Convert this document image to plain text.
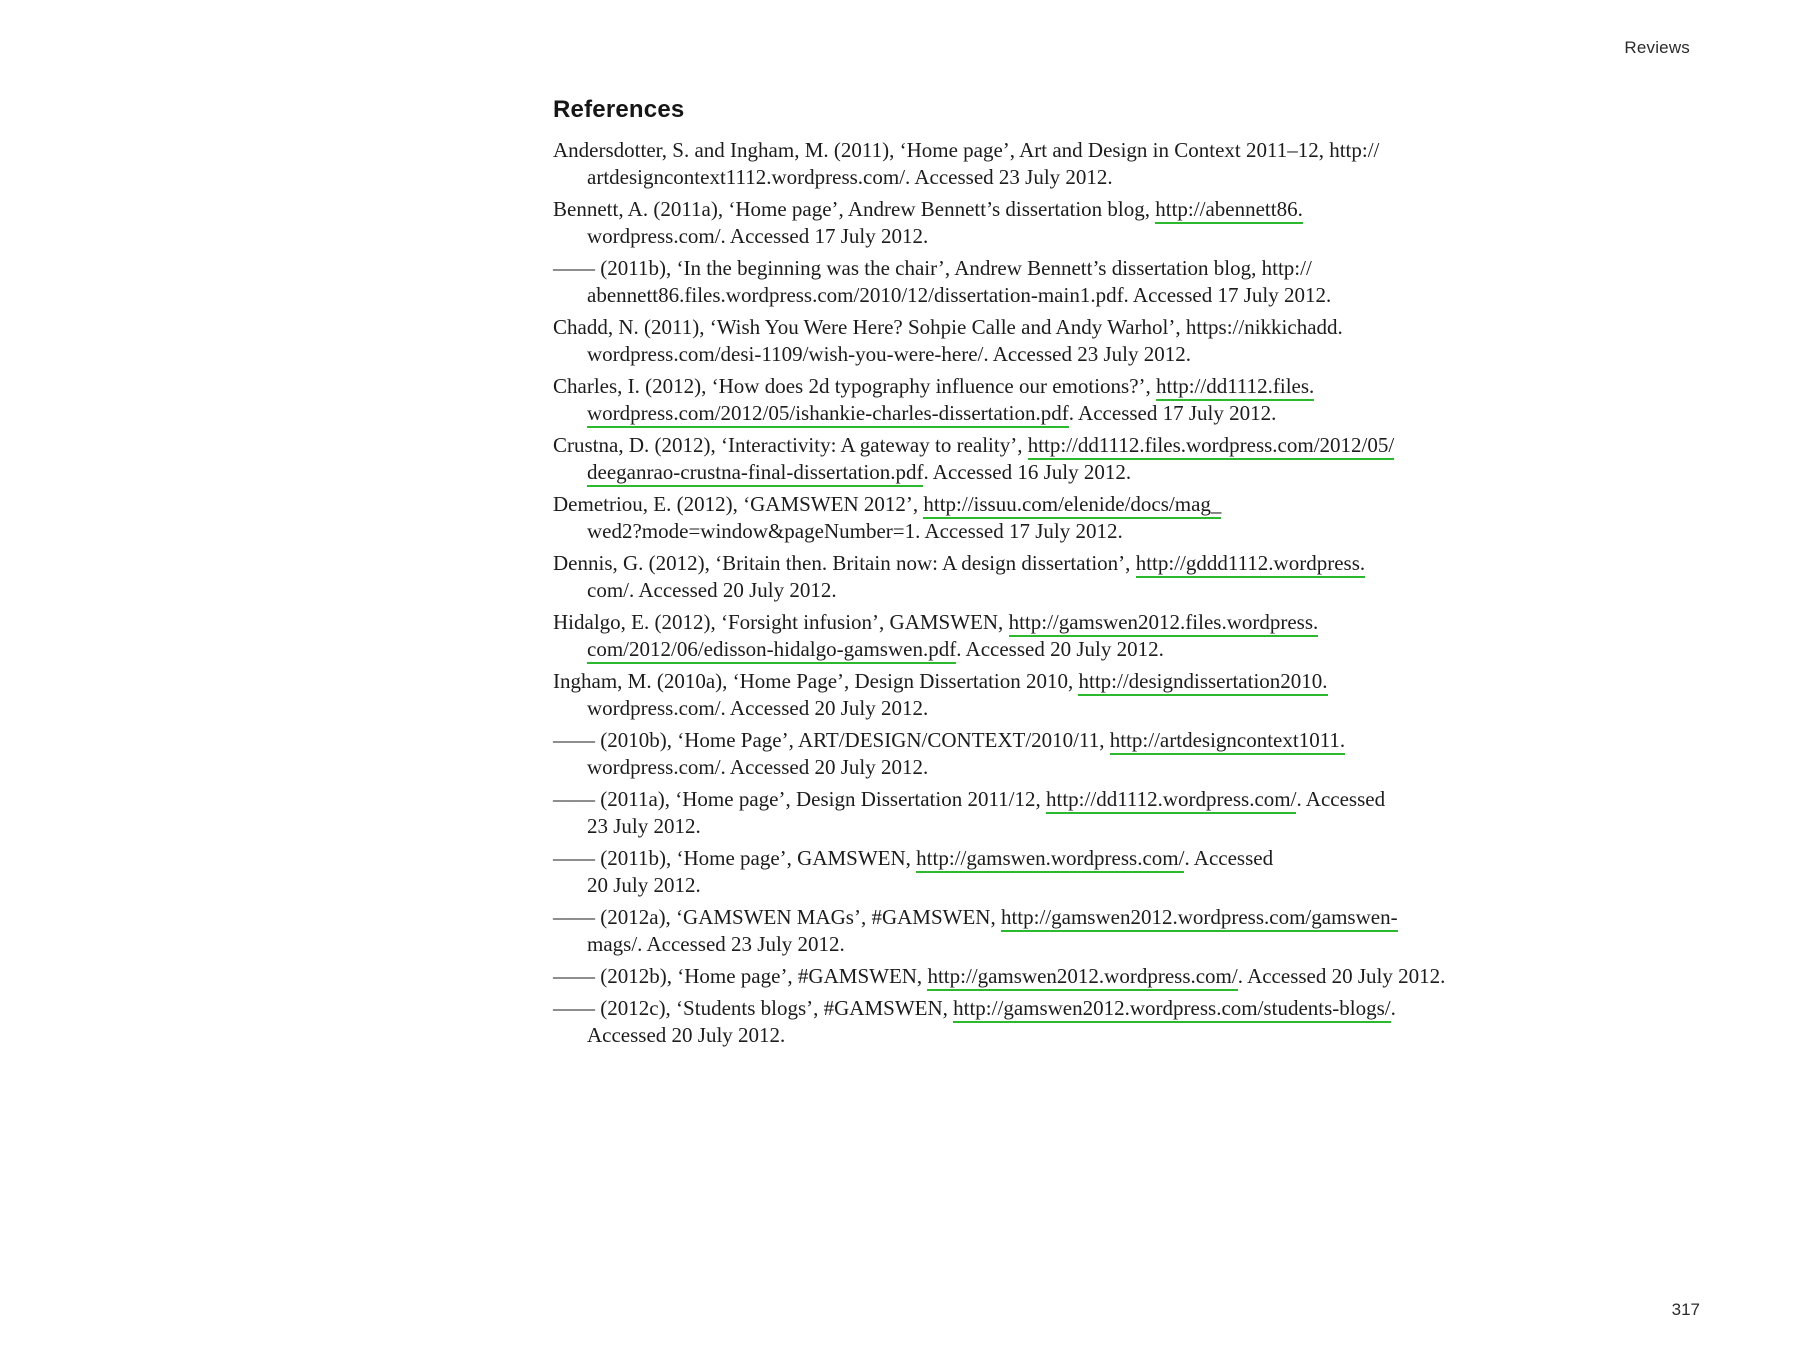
Reviews
References

Andersdotter, S. and Ingham, M. (2011), ‘Home page’, Art and Design in Context 2011–12, http://
artdesigncontext1112.wordpress.com/. Accessed 23 July 2012.

Bennett, A. (2011a), ‘Home page’, Andrew Bennett’s dissertation blog, http://abennett86.
wordpress.com/. Accessed 17 July 2012.

—— (2011b), ‘In the beginning was the chair’, Andrew Bennett’s dissertation blog, http://
abennett86.files.wordpress.com/2010/12/dissertation-main1.pdf. Accessed 17 July 2012.

Chadd, N. (2011), ‘Wish You Were Here? Sohpie Calle and Andy Warhol’, https://nikkichadd.
wordpress.com/desi-1109/wish-you-were-here/. Accessed 23 July 2012.

Charles, I. (2012), ‘How does 2d typography influence our emotions?’, http://dd1112.files.
wordpress.com/2012/05/ishankie-charles-dissertation.pdf. Accessed 17 July 2012.

Crustna, D. (2012), ‘Interactivity: A gateway to reality’, http://dd1112.files.wordpress.com/2012/05/
deeganrao-crustna-final-dissertation.pdf. Accessed 16 July 2012.

Demetriou, E. (2012), ‘GAMSWEN 2012’, http://issuu.com/elenide/docs/mag_
wed2?mode=window&pageNumber=1. Accessed 17 July 2012.

Dennis, G. (2012), ‘Britain then. Britain now: A design dissertation’, http://gddd1112.wordpress.
com/. Accessed 20 July 2012.

Hidalgo, E. (2012), ‘Forsight infusion’, GAMSWEN, http://gamswen2012.files.wordpress.
com/2012/06/edisson-hidalgo-gamswen.pdf. Accessed 20 July 2012.

Ingham, M. (2010a), ‘Home Page’, Design Dissertation 2010, http://designdissertation2010.
wordpress.com/. Accessed 20 July 2012.

—— (2010b), ‘Home Page’, ART/DESIGN/CONTEXT/2010/11, http://artdesigncontext1011.
wordpress.com/. Accessed 20 July 2012.

—— (2011a), ‘Home page’, Design Dissertation 2011/12, http://dd1112.wordpress.com/. Accessed
23 July 2012.

—— (2011b), ‘Home page’, GAMSWEN, http://gamswen.wordpress.com/. Accessed
20 July 2012.

—— (2012a), ‘GAMSWEN MAGs’, #GAMSWEN, http://gamswen2012.wordpress.com/gamswen-
mags/. Accessed 23 July 2012.

—— (2012b), ‘Home page’, #GAMSWEN, http://gamswen2012.wordpress.com/. Accessed 20 July 2012.

—— (2012c), ‘Students blogs’, #GAMSWEN, http://gamswen2012.wordpress.com/students-blogs/.
Accessed 20 July 2012.

317
